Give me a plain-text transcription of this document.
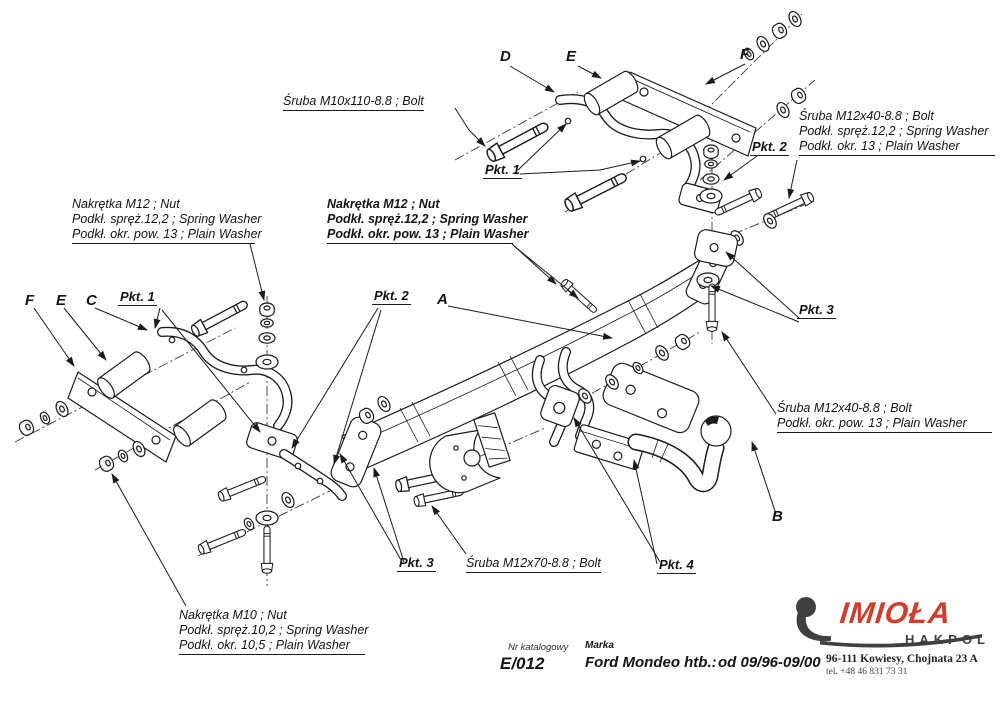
Śruba M10x110-8.8 ; Bolt
Śruba M12x40-8.8 ; Bolt
Podkł. spręż.12,2 ; Spring Washer
Podkł. okr. 13 ; Plain Washer
Nakrętka M12 ; Nut
Podkł. spręż.12,2 ; Spring Washer
Podkł. okr. pow. 13 ; Plain Washer
Nakrętka M12 ; Nut
Podkł. spręż.12,2 ; Spring Washer
Podkł. okr. pow. 13 ; Plain Washer
Śruba M12x40-8.8 ; Bolt
Podkł. okr. pow. 13 ; Plain Washer
Śruba M12x70-8.8 ; Bolt
Nakrętka M10 ; Nut
Podkł. spręż.10,2 ; Spring Washer
Podkł. okr. 10,5 ; Plain Washer
D	E	F
F E C	A
B
Pkt. 1
Pkt. 1
Pkt. 2
Pkt. 2
Pkt. 3
Pkt. 3	Pkt. 4
Nr katalogowy
E/012
Marka
Ford Mondeo htb.: od 09/96-09/00
IMIOŁA
HAKPOL
96-111 Kowiesy, Chojnata 23 A
tel. +48 46 831 73 31
